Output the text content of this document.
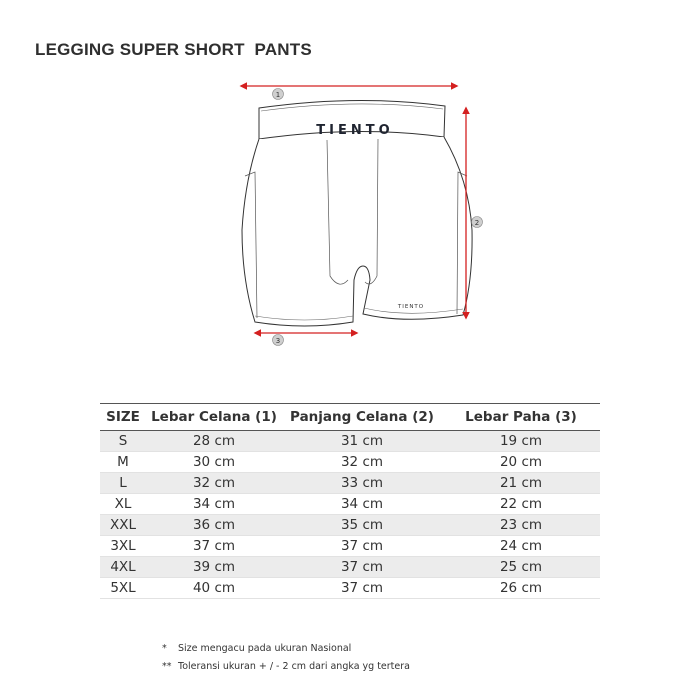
LEGGING SUPER SHORT  PANTS
1
TIENTO
TIENTO
2
3
SIZE	Lebar Celana (1)	Panjang Celana (2)	Lebar Paha (3)
S	28 cm	31 cm	19 cm
M	30 cm	32 cm	20 cm
L	32 cm	33 cm	21 cm
XL	34 cm	34 cm	22 cm
XXL	36 cm	35 cm	23 cm
3XL	37 cm	37 cm	24 cm
4XL	39 cm	37 cm	25 cm
5XL	40 cm	37 cm	26 cm
* Size mengacu pada ukuran Nasional
** Toleransi ukuran + / - 2 cm dari angka yg tertera
